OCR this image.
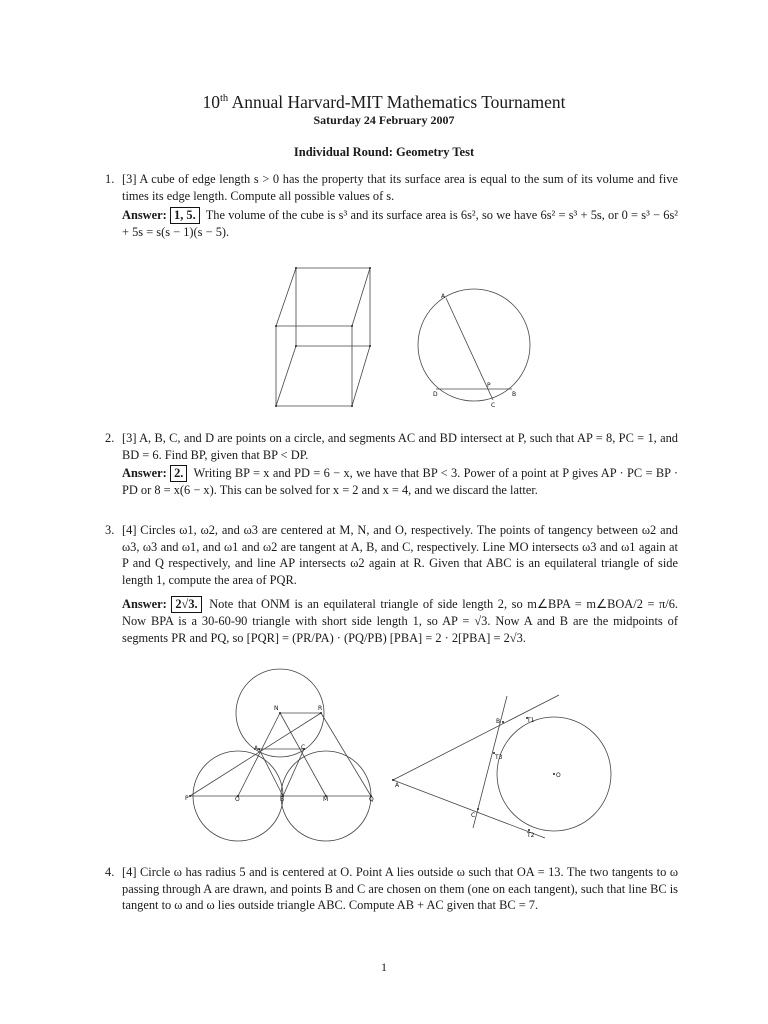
10th Annual Harvard-MIT Mathematics Tournament
Saturday 24 February 2007
Individual Round: Geometry Test
1. [3] A cube of edge length s > 0 has the property that its surface area is equal to the sum of its volume and five times its edge length. Compute all possible values of s.
Answer: 1, 5. The volume of the cube is s³ and its surface area is 6s², so we have 6s² = s³ + 5s, or 0 = s³ − 6s² + 5s = s(s − 1)(s − 5).
A
D
P
B
C
2. [3] A, B, C, and D are points on a circle, and segments AC and BD intersect at P, such that AP = 8, PC = 1, and BD = 6. Find BP, given that BP < DP.
Answer: 2. Writing BP = x and PD = 6 − x, we have that BP < 3. Power of a point at P gives AP · PC = BP · PD or 8 = x(6 − x). This can be solved for x = 2 and x = 4, and we discard the latter.
3. [4] Circles ω1, ω2, and ω3 are centered at M, N, and O, respectively. The points of tangency between ω2 and ω3, ω3 and ω1, and ω1 and ω2 are tangent at A, B, and C, respectively. Line MO intersects ω3 and ω1 again at P and Q respectively, and line AP intersects ω2 again at R. Given that ABC is an equilateral triangle of side length 1, compute the area of PQR.
Answer: 2√3. Note that ONM is an equilateral triangle of side length 2, so m∠BPA = m∠BOA/2 = π/6. Now BPA is a 30-60-90 triangle with short side length 1, so AP = √3. Now A and B are the midpoints of segments PR and PQ, so [PQR] = (PR/PA) · (PQ/PB) [PBA] = 2 · 2[PBA] = 2√3.
N	R
A	C
P	O	B	M	Q
B	T1
T3
A
O
C
T2
4. [4] Circle ω has radius 5 and is centered at O. Point A lies outside ω such that OA = 13. The two tangents to ω passing through A are drawn, and points B and C are chosen on them (one on each tangent), such that line BC is tangent to ω and ω lies outside triangle ABC. Compute AB + AC given that BC = 7.
1
